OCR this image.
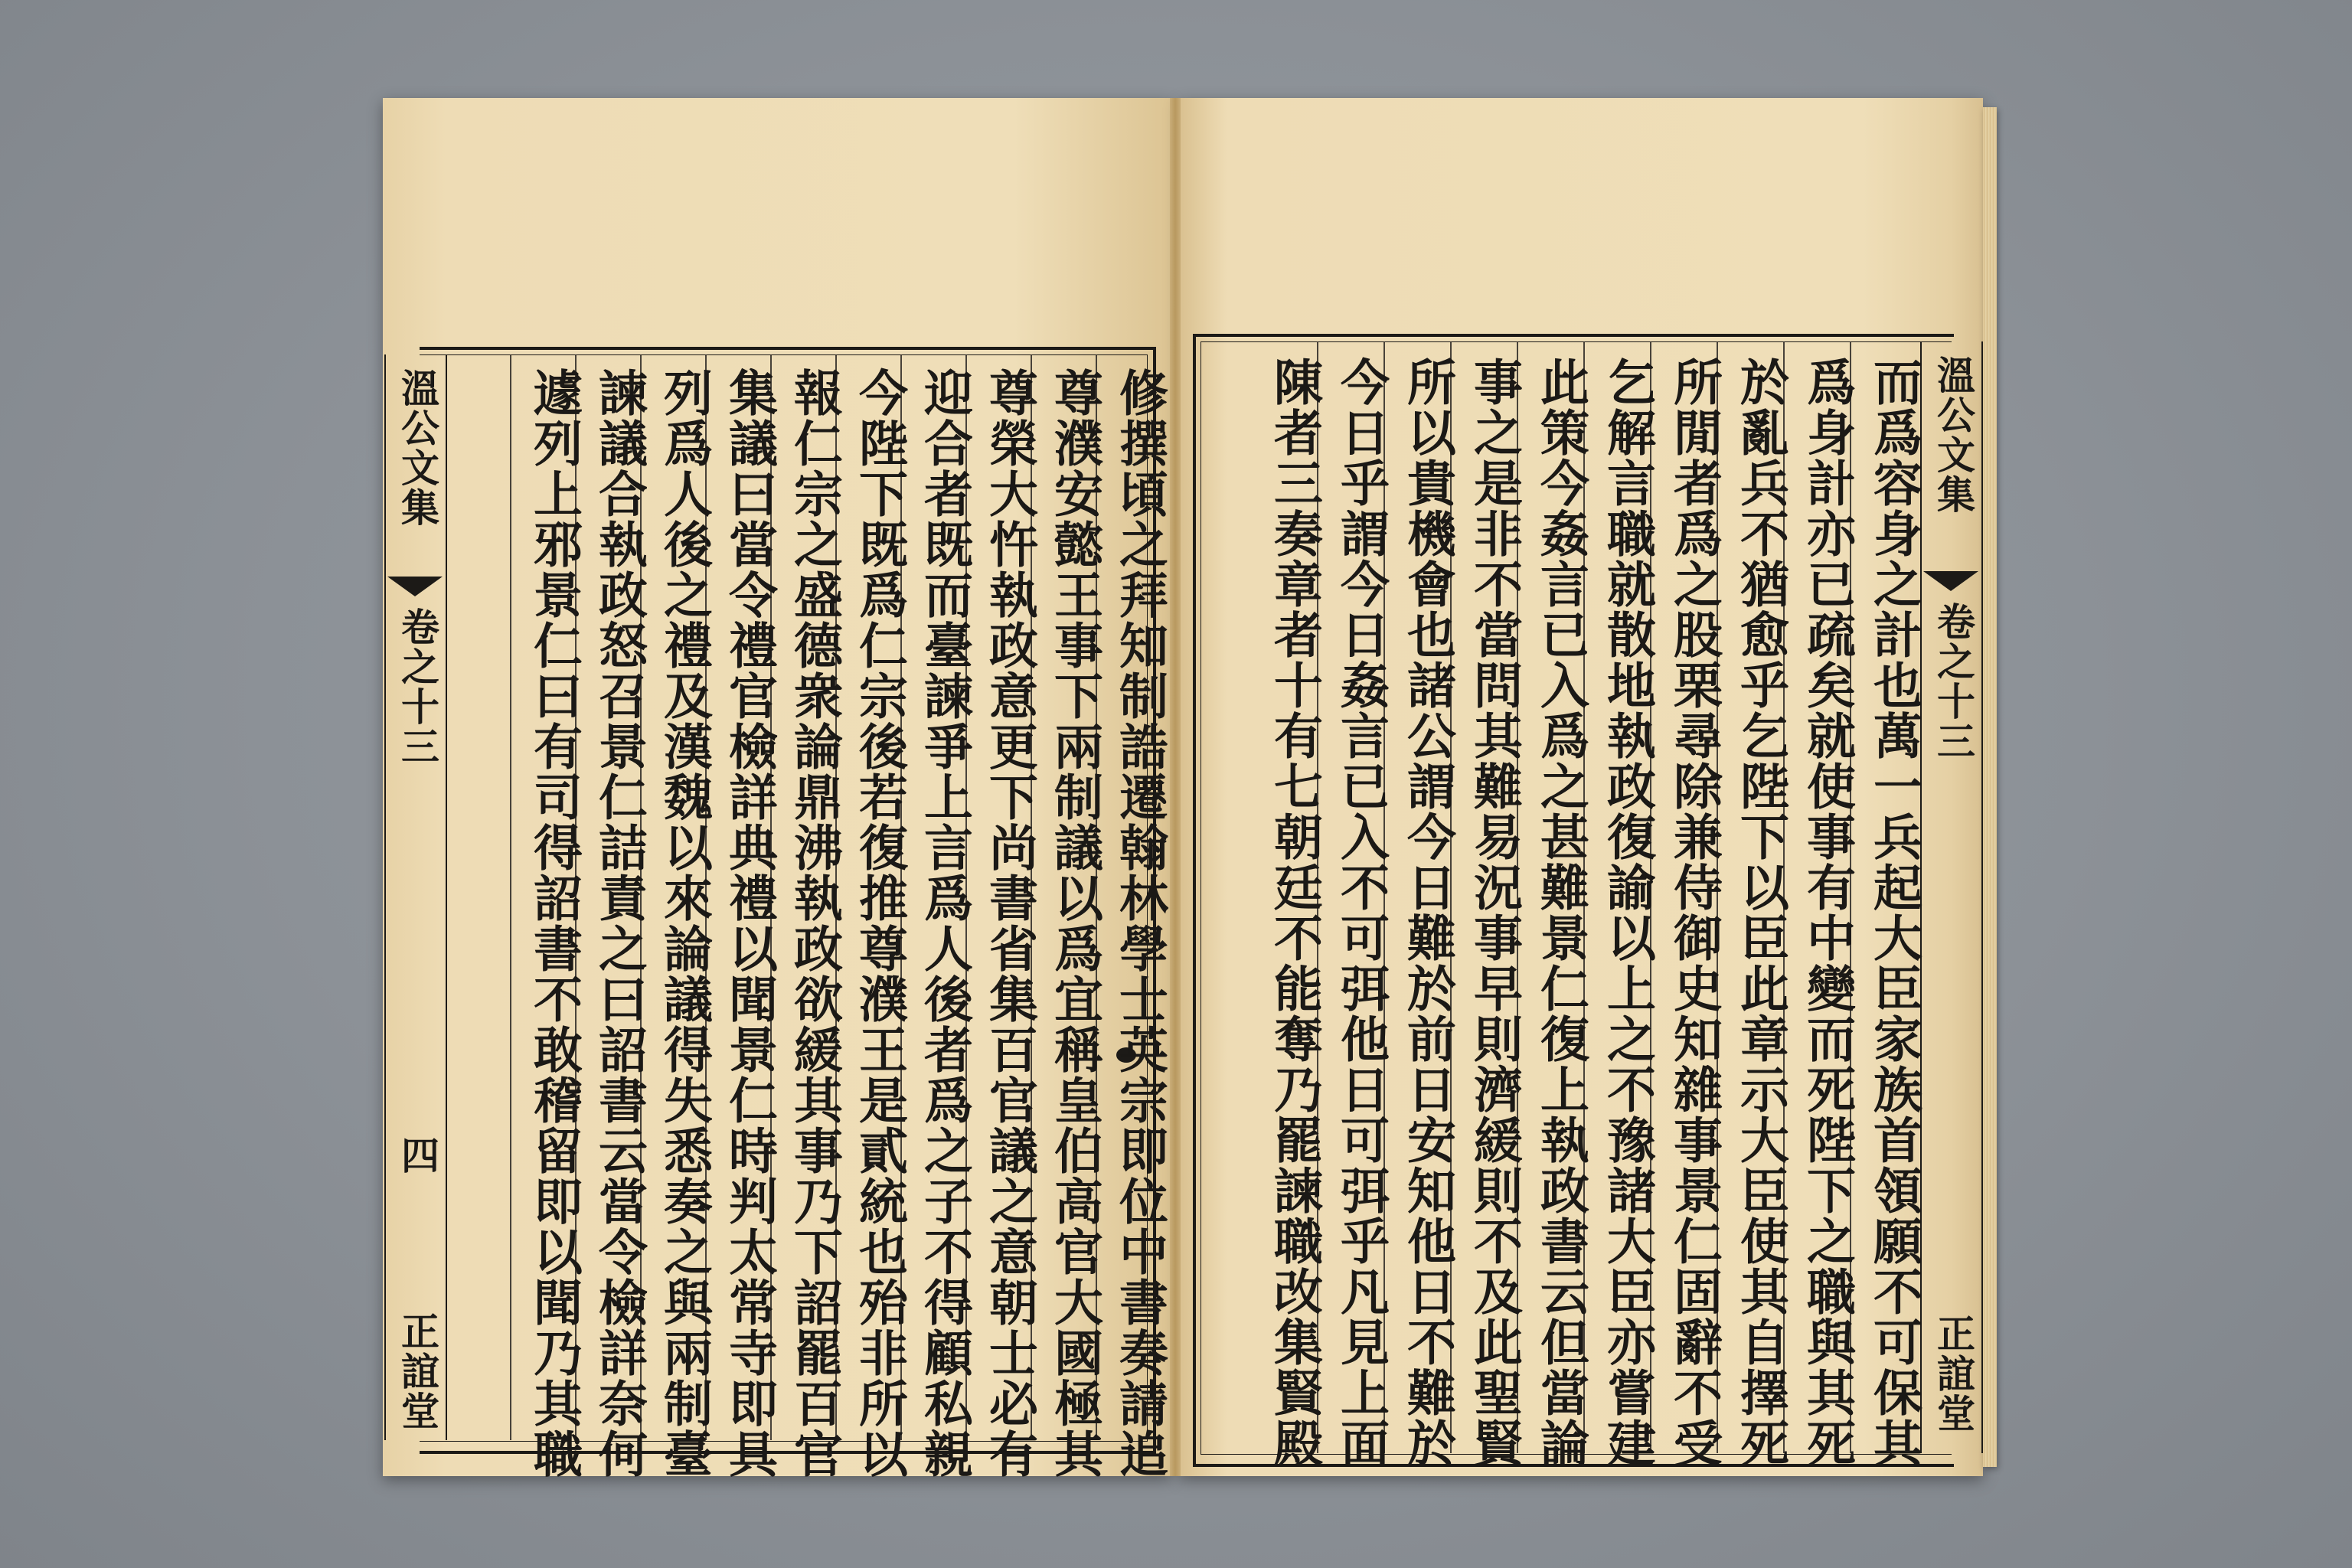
溫公文集
卷之十三
四
正誼堂
溫公文集
卷之十三
正誼堂
修撰頃之拜知制誥遷翰林學士英宗即位中書奏請追
尊濮安懿王事下兩制議以爲宜稱皇伯高官大國極其
尊榮大忤執政意更下尚書省集百官議之意朝士必有
迎合者既而臺諫爭上言爲人後者爲之子不得顧私親
今陛下既爲仁宗後若復推尊濮王是貳統也殆非所以
報仁宗之盛德衆論鼎沸執政欲緩其事乃下詔罷百官
集議曰當令禮官檢詳典禮以聞景仁時判太常寺即具
列爲人後之禮及漢魏以來論議得失悉奏之與兩制臺
諫議合執政怒召景仁詰責之曰詔書云當令檢詳奈何
遽列上邪景仁曰有司得詔書不敢稽留即以聞乃其職	而爲容身之計也萬一兵起大臣家族首領願不可保其
爲身計亦已疏矣就使事有中變而死陛下之職與其死
於亂兵不猶愈乎乞陛下以臣此章示大臣使其自擇死
所閒者爲之股栗尋除兼侍御史知雜事景仁固辭不受
乞解言職就散地執政復諭以上之不豫諸大臣亦嘗建
此策今姦言已入爲之甚難景仁復上執政書云但當論
事之是非不當問其難易況事早則濟緩則不及此聖賢
所以貴機會也諸公謂今日難於前日安知他日不難於
今日乎謂今日姦言已入不可弭他日可弭乎凡見上面
陳者三奏章者十有七朝廷不能奪乃罷諫職改集賢殿
